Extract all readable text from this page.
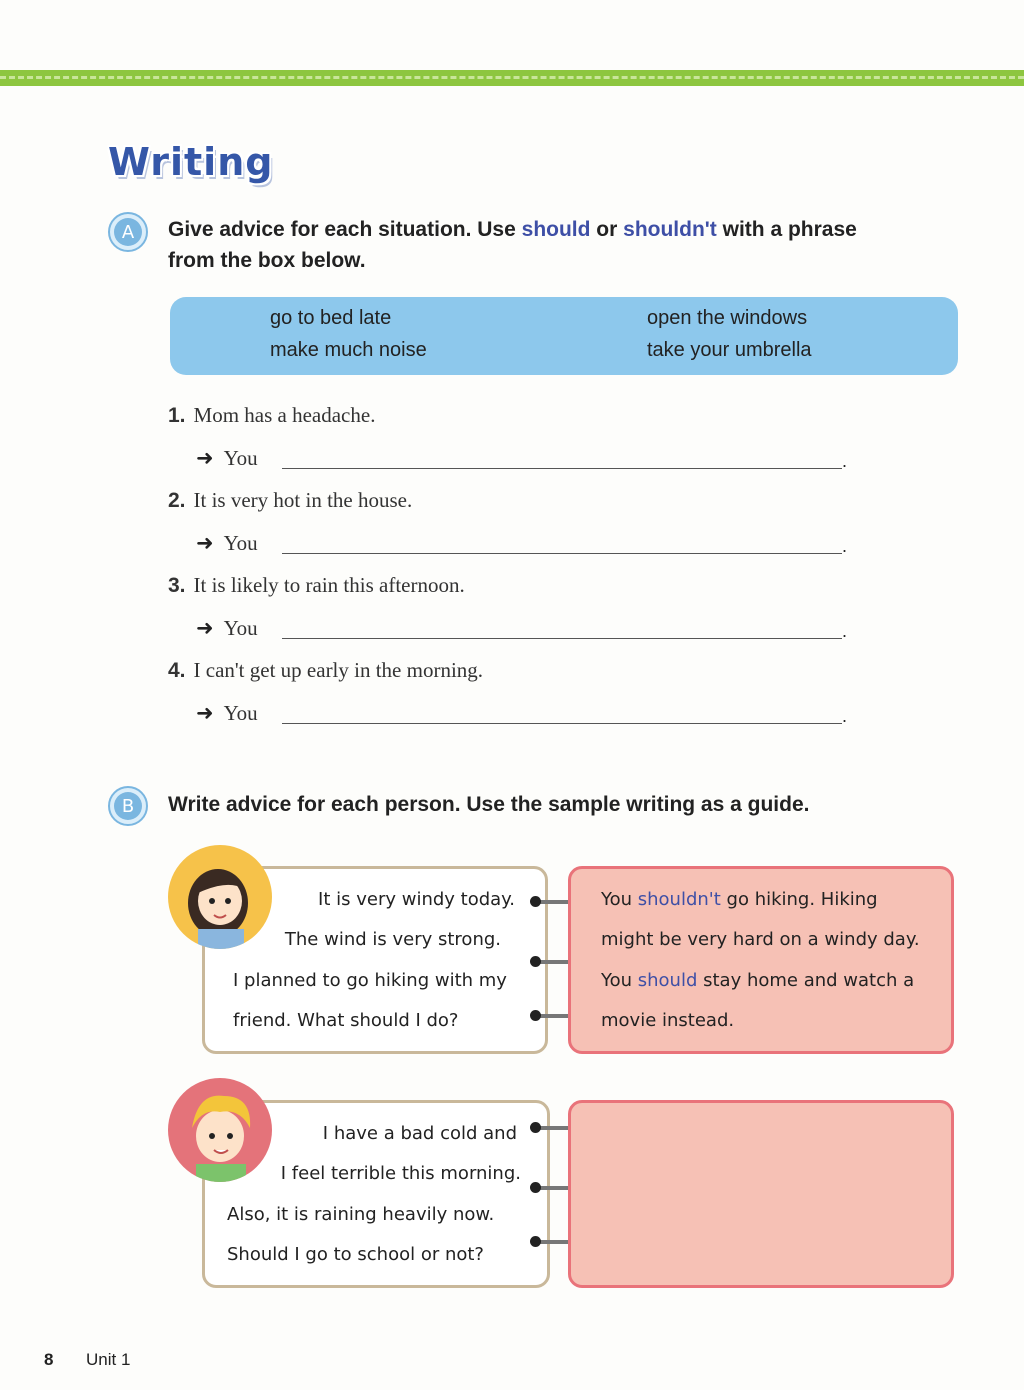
Writing
A	Give advice for each situation. Use should or shouldn't with a phrase
from the box below.
go to bed late
make much noise
open the windows
take your umbrella
1. Mom has a headache.
➜ You	.
2. It is very hot in the house.
➜ You	.
3. It is likely to rain this afternoon.
➜ You	.
4. I can't get up early in the morning.
➜ You	.
B	Write advice for each person. Use the sample writing as a guide.
It is very windy today.
The wind is very strong.
I planned to go hiking with my
friend. What should I do?
You shouldn't go hiking. Hiking
might be very hard on a windy day.
You should stay home and watch a
movie instead.
I have a bad cold and
I feel terrible this morning.
Also, it is raining heavily now.
Should I go to school or not?
8 Unit 1
